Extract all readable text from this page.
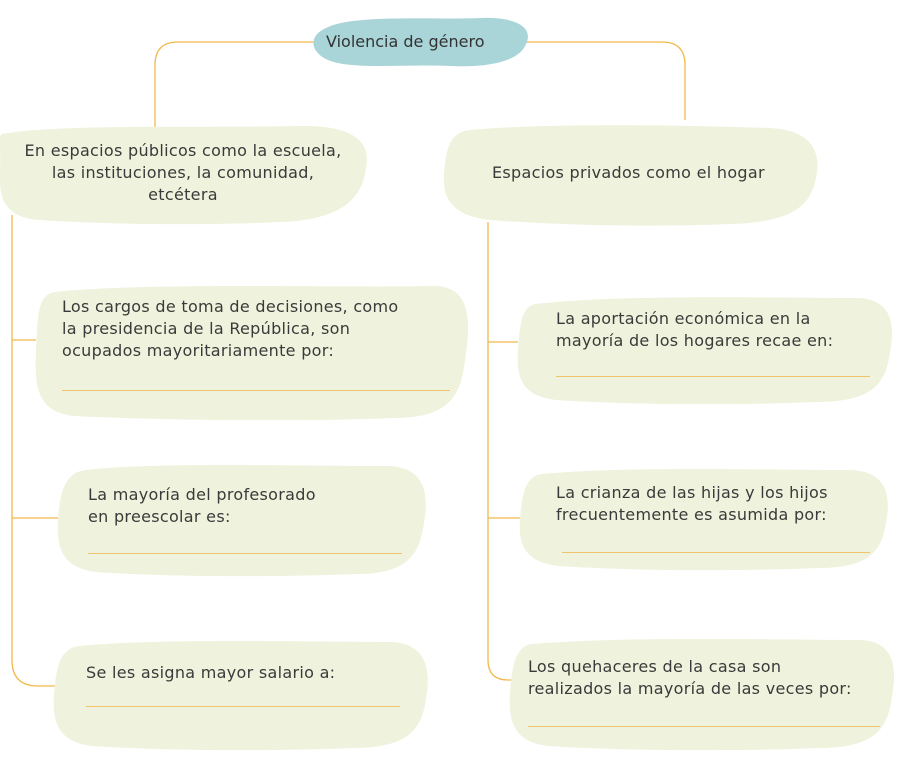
Violencia de género
En espacios públicos como la escuela,
las instituciones, la comunidad,
etcétera
Espacios privados como el hogar
Los cargos de toma de decisiones, como
la presidencia de la República, son
ocupados mayoritariamente por:
La mayoría del profesorado
en preescolar es:
Se les asigna mayor salario a:
La aportación económica en la
mayoría de los hogares recae en:
La crianza de las hijas y los hijos
frecuentemente es asumida por:
Los quehaceres de la casa son
realizados la mayoría de las veces por:
